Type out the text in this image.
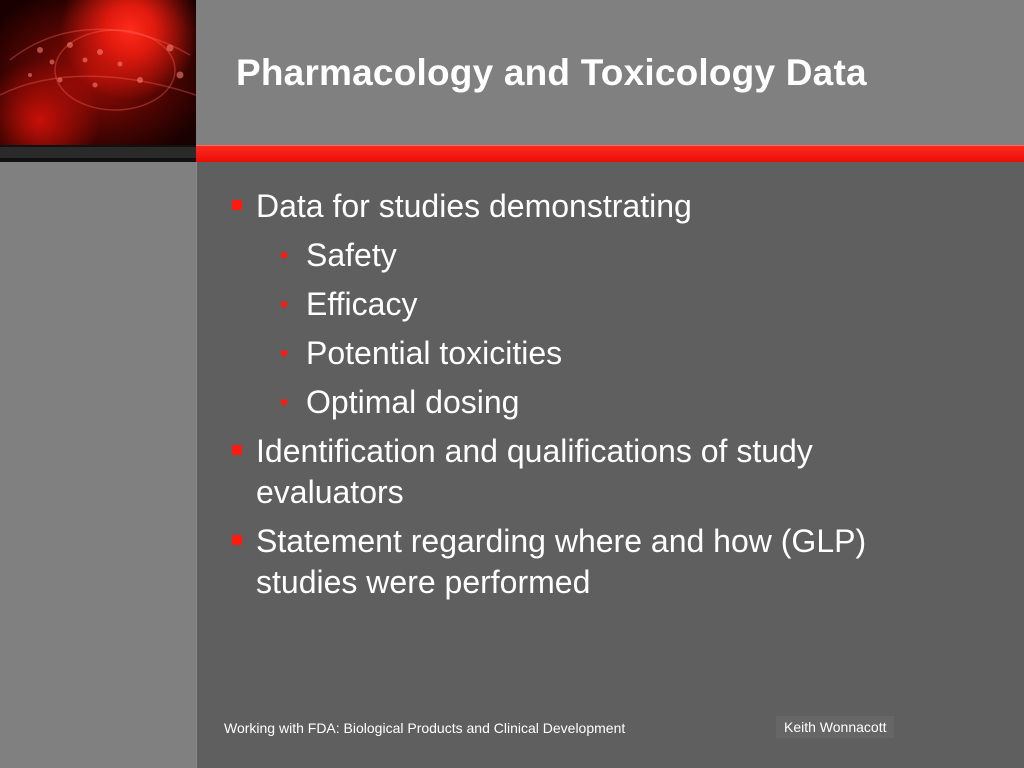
Pharmacology and Toxicology Data
Data for studies demonstrating
• Safety
• Efficacy
• Potential toxicities
• Optimal dosing
Identification and qualifications of study evaluators
Statement regarding where and how (GLP) studies were performed
Working with FDA: Biological Products and Clinical Development	Keith Wonnacott
